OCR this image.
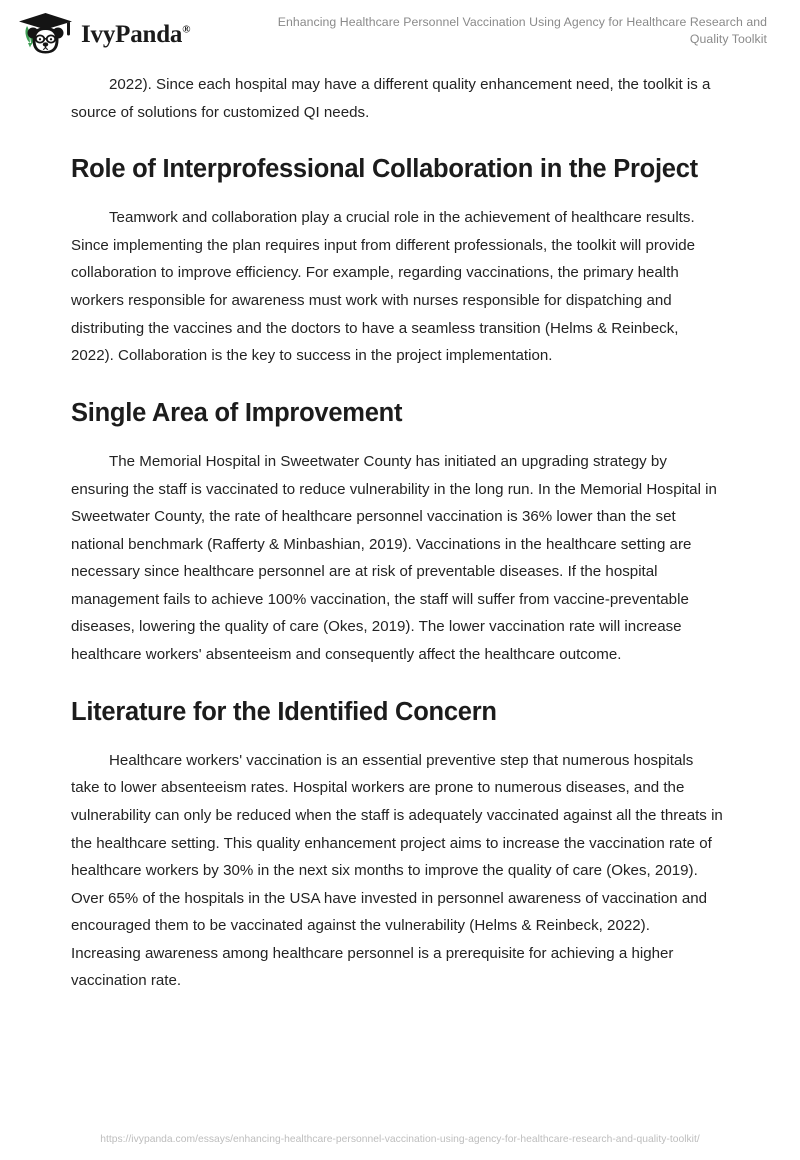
IvyPanda®
Enhancing Healthcare Personnel Vaccination Using Agency for Healthcare Research and Quality Toolkit

2022). Since each hospital may have a different quality enhancement need, the toolkit is a source of solutions for customized QI needs.

Role of Interprofessional Collaboration in the Project

Teamwork and collaboration play a crucial role in the achievement of healthcare results. Since implementing the plan requires input from different professionals, the toolkit will provide collaboration to improve efficiency. For example, regarding vaccinations, the primary health workers responsible for awareness must work with nurses responsible for dispatching and distributing the vaccines and the doctors to have a seamless transition (Helms & Reinbeck, 2022). Collaboration is the key to success in the project implementation.

Single Area of Improvement

The Memorial Hospital in Sweetwater County has initiated an upgrading strategy by ensuring the staff is vaccinated to reduce vulnerability in the long run. In the Memorial Hospital in Sweetwater County, the rate of healthcare personnel vaccination is 36% lower than the set national benchmark (Rafferty & Minbashian, 2019). Vaccinations in the healthcare setting are necessary since healthcare personnel are at risk of preventable diseases. If the hospital management fails to achieve 100% vaccination, the staff will suffer from vaccine-preventable diseases, lowering the quality of care (Okes, 2019). The lower vaccination rate will increase healthcare workers' absenteeism and consequently affect the healthcare outcome.

Literature for the Identified Concern

Healthcare workers' vaccination is an essential preventive step that numerous hospitals take to lower absenteeism rates. Hospital workers are prone to numerous diseases, and the vulnerability can only be reduced when the staff is adequately vaccinated against all the threats in the healthcare setting. This quality enhancement project aims to increase the vaccination rate of healthcare workers by 30% in the next six months to improve the quality of care (Okes, 2019). Over 65% of the hospitals in the USA have invested in personnel awareness of vaccination and encouraged them to be vaccinated against the vulnerability (Helms & Reinbeck, 2022). Increasing awareness among healthcare personnel is a prerequisite for achieving a higher vaccination rate.

https://ivypanda.com/essays/enhancing-healthcare-personnel-vaccination-using-agency-for-healthcare-research-and-quality-toolkit/
